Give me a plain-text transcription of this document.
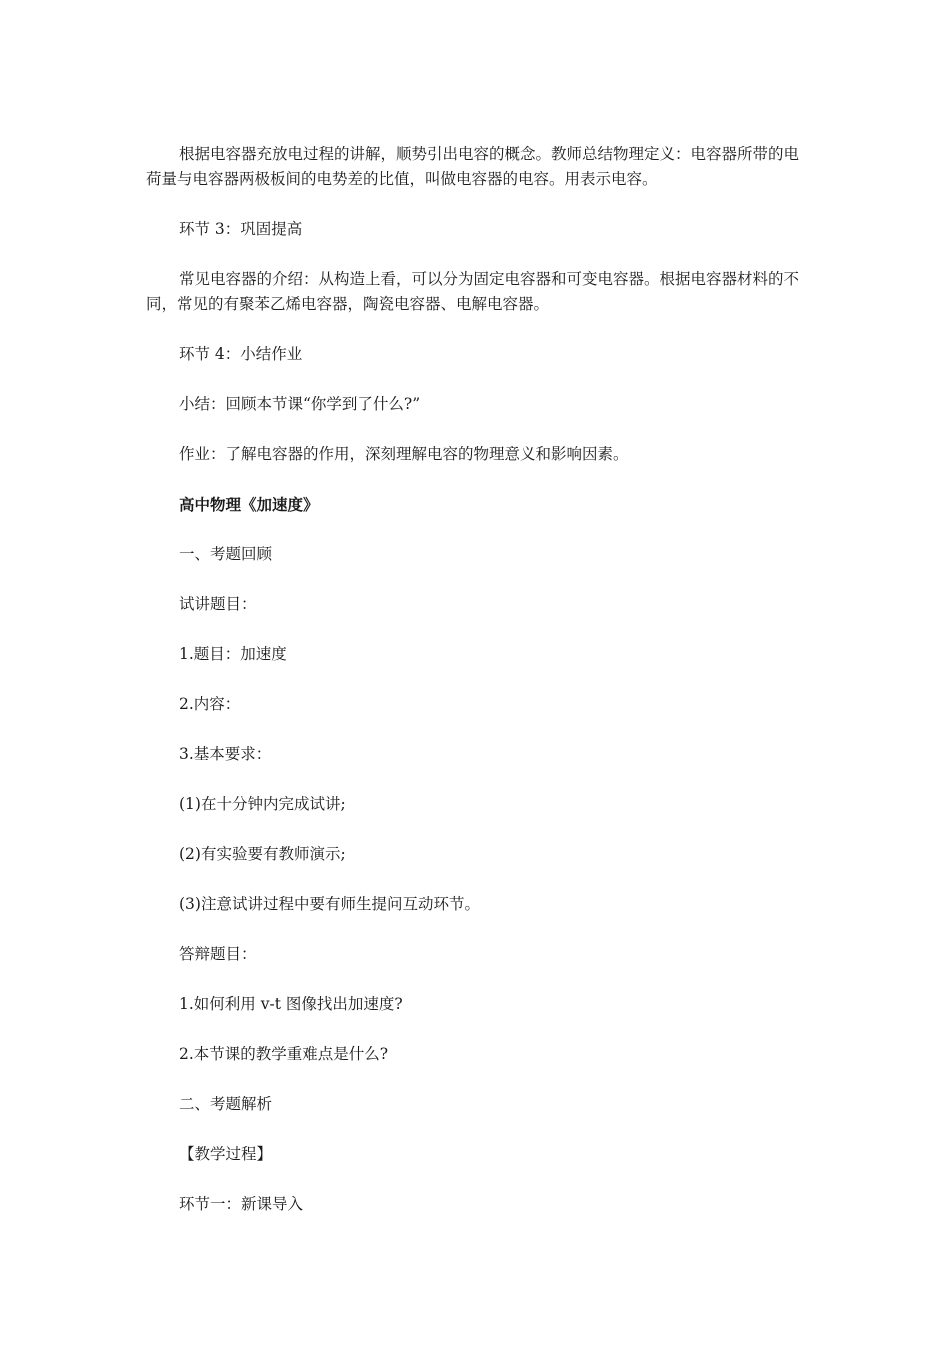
根据电容器充放电过程的讲解，顺势引出电容的概念。教师总结物理定义：电容器所带的电荷量与电容器两极板间的电势差的比值，叫做电容器的电容。用表示电容。

环节 3：巩固提高

常见电容器的介绍：从构造上看，可以分为固定电容器和可变电容器。根据电容器材料的不同，常见的有聚苯乙烯电容器，陶瓷电容器、电解电容器。

环节 4：小结作业

小结：回顾本节课“你学到了什么?”

作业：了解电容器的作用，深刻理解电容的物理意义和影响因素。

高中物理《加速度》

一、考题回顾

试讲题目：

1.题目：加速度

2.内容：

3.基本要求：

(1)在十分钟内完成试讲;

(2)有实验要有教师演示;

(3)注意试讲过程中要有师生提问互动环节。

答辩题目：

1.如何利用 v-t 图像找出加速度?

2.本节课的教学重难点是什么?

二、考题解析

【教学过程】

环节一：新课导入
